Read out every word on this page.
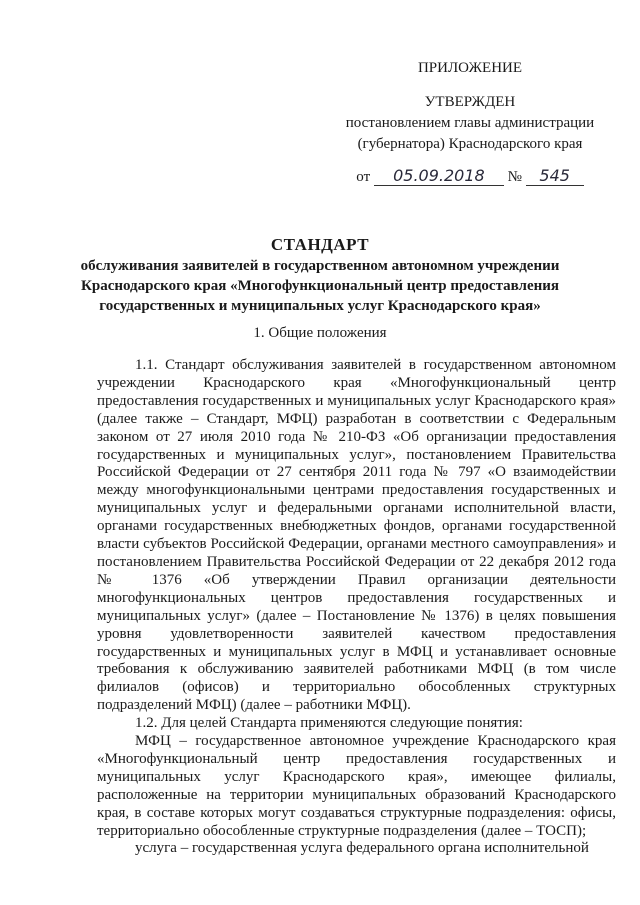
ПРИЛОЖЕНИЕ
УТВЕРЖДЕН
постановлением главы администрации
(губернатора) Краснодарского края
от 05.09.2018 № 545
СТАНДАРТ
обслуживания заявителей в государственном автономном учреждении
Краснодарского края «Многофункциональный центр предоставления
государственных и муниципальных услуг Краснодарского края»
1. Общие положения

1.1. Стандарт обслуживания заявителей в государственном автономном учреждении Краснодарского края «Многофункциональный центр предоставления государственных и муниципальных услуг Краснодарского края» (далее также – Стандарт, МФЦ) разработан в соответствии с Федеральным законом от 27 июля 2010 года № 210-ФЗ «Об организации предоставления государственных и муниципальных услуг», постановлением Правительства Российской Федерации от 27 сентября 2011 года № 797 «О взаимодействии между многофункциональными центрами предоставления государственных и муниципальных услуг и федеральными органами исполнительной власти, органами государственных внебюджетных фондов, органами государственной власти субъектов Российской Федерации, органами местного самоуправления» и постановлением Правительства Российской Федерации от 22 декабря 2012 года № 1376 «Об утверждении Правил организации деятельности многофункциональных центров предоставления государственных и муниципальных услуг» (далее – Постановление № 1376) в целях повышения уровня удовлетворенности заявителей качеством предоставления государственных и муниципальных услуг в МФЦ и устанавливает основные требования к обслуживанию заявителей работниками МФЦ (в том числе филиалов (офисов) и территориально обособленных структурных подразделений МФЦ) (далее – работники МФЦ).

1.2. Для целей Стандарта применяются следующие понятия:

МФЦ – государственное автономное учреждение Краснодарского края «Многофункциональный центр предоставления государственных и муниципальных услуг Краснодарского края», имеющее филиалы, расположенные на территории муниципальных образований Краснодарского края, в составе которых могут создаваться структурные подразделения: офисы, территориально обособленные структурные подразделения (далее – ТОСП);

услуга – государственная услуга федерального органа исполнительной
